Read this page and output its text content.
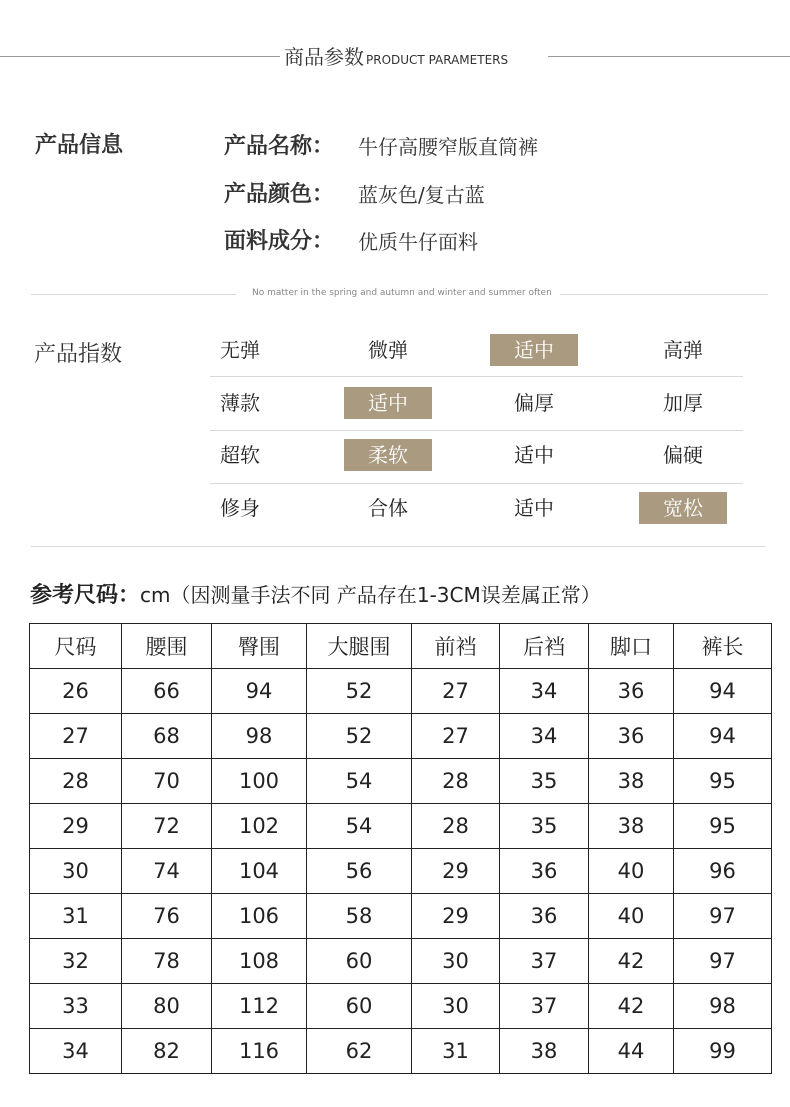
商品参数 PRODUCT PARAMETERS
产品信息	产品名称： 牛仔高腰窄版直筒裤
产品颜色： 蓝灰色/复古蓝
面料成分： 优质牛仔面料
No matter in the spring and autumn and winter and summer often
产品指数	无弹	微弹	适中	高弹
薄款	适中	偏厚	加厚
超软	柔软	适中	偏硬
修身	合体	适中	宽松
参考尺码：cm（因测量手法不同 产品存在1-3CM误差属正常）
尺码	腰围	臀围	大腿围	前裆	后裆	脚口	裤长
26	66	94	52	27	34	36	94
27	68	98	52	27	34	36	94
28	70	100	54	28	35	38	95
29	72	102	54	28	35	38	95
30	74	104	56	29	36	40	96
31	76	106	58	29	36	40	97
32	78	108	60	30	37	42	97
33	80	112	60	30	37	42	98
34	82	116	62	31	38	44	99
